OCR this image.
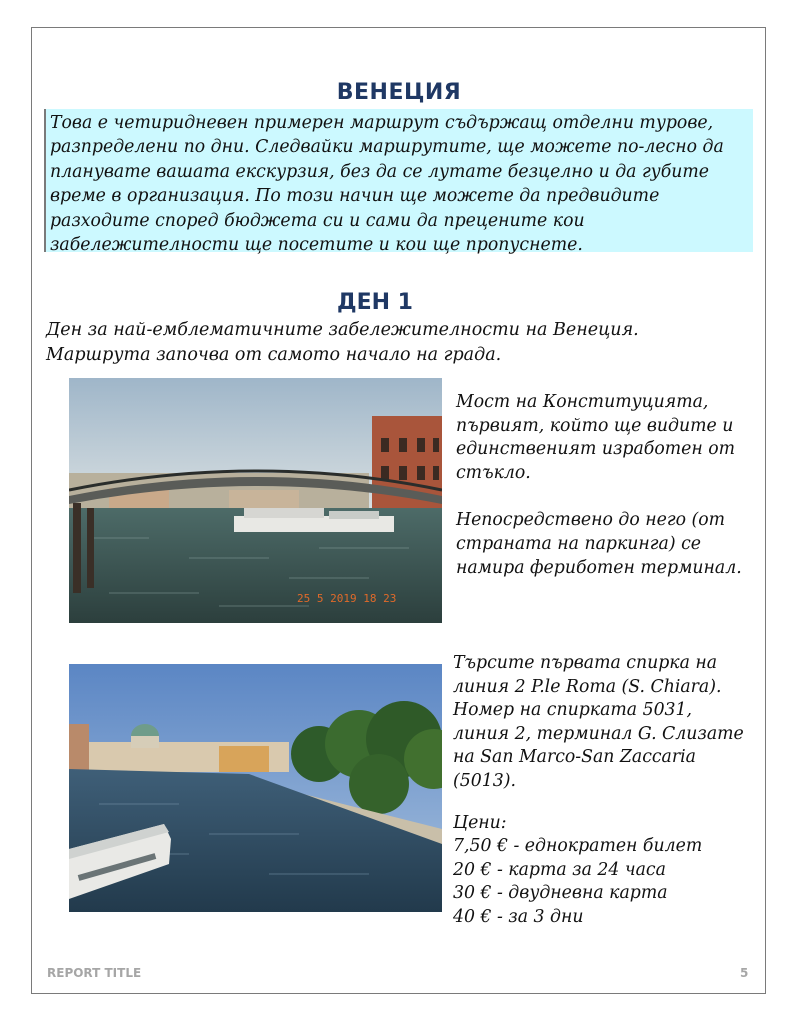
ВЕНЕЦИЯ
Това е четиридневен примерен маршрут съдържащ отделни турове, разпределени по дни. Следвайки маршрутите, ще можете по-лесно да планувате вашата екскурзия, без да се лутате безцелно и да губите време в организация. По този начин ще можете да предвидите разходите според бюджета си и сами да прецените кои забележителности ще посетите и кои ще пропуснете.
ДЕН 1
Ден за най-емблематичните забележителности на Венеция. Маршрута започва от самото начало на града.
25 5 2019 18 23

Мост на Конституцията, първият, който ще видите и единственият изработен от стъкло.

Непосредствено до него (от страната на паркинга) се намира фериботен терминал.

Търсите първата спирка на линия 2 P.le Roma (S. Chiara). Номер на спирката 5031, линия 2, терминал G. Слизате на San Marco-San Zaccaria (5013).

Цени:

7,50 € - еднократен билет

20 € - карта за 24 часа

30 € - двудневна карта

40 € - за 3 дни

REPORT TITLE	5
